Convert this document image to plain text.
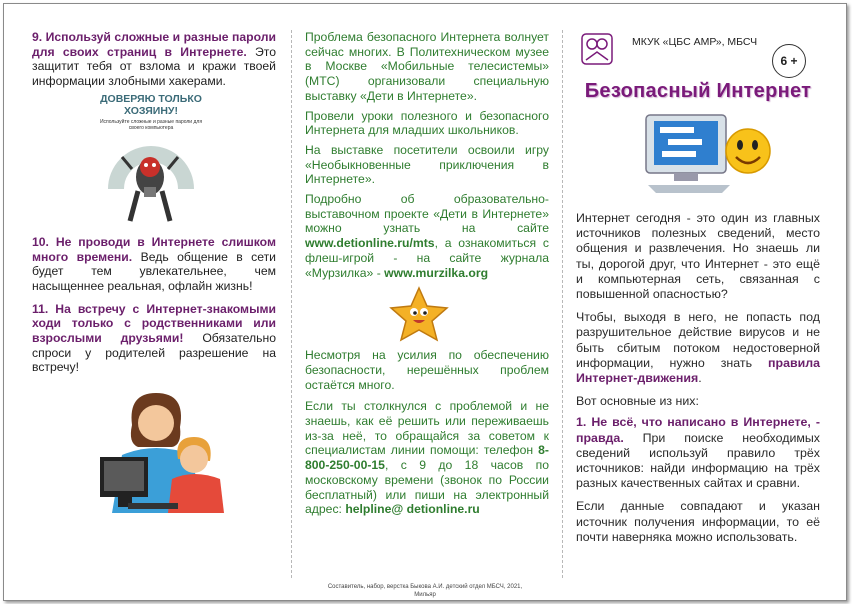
9. Используй сложные и разные пароли для своих страниц в Интернете. Это защитит тебя от взлома и кражи твоей информации злобными хакерами.

ДОВЕРЯЮ ТОЛЬКО ХОЗЯИНУ!
Используйте сложные и разные пароли для своего компьютера

10. Не проводи в Интернете слишком много времени. Ведь общение в сети будет тем увлекательнее, чем насыщеннее реальная, офлайн жизнь!

11. На встречу с Интернет-знакомыми ходи только с родственниками или взрослыми друзьями! Обязательно спроси у родителей разрешение на встречу!

Проблема безопасного Интернета волнует сейчас многих. В Политехническом музее в Москве «Мобильные телесистемы» (МТС) организовали специальную выставку «Дети в Интернете».

Провели уроки полезного и безопасного Интернета для младших школьников.

На выставке посетители освоили игру «Необыкновенные приключения в Интернете».

Подробно об образовательно-выставочном проекте «Дети в Интернете» можно узнать на сайте www.detionline.ru/mts, а ознакомиться с флеш-игрой - на сайте журнала «Мурзилка» - www.murzilka.org

Несмотря на усилия по обеспечению безопасности, нерешённых проблем остаётся много.

Если ты столкнулся с проблемой и не знаешь, как её решить или переживаешь из-за неё, то обращайся за советом к специалистам линии помощи: телефон 8-800-250-00-15, с 9 до 18 часов по московскому времени (звонок по России бесплатный) или пиши на электронный адрес: helpline@ detionline.ru

Составитель, набор, верстка Быкова А.И. детский отдел МБСЧ, 2021, Мильяр
МКУК «ЦБС АМР», МБСЧ
6 +
Безопасный Интернет

Интернет сегодня - это один из главных источников полезных сведений, место общения и развлечения. Но знаешь ли ты, дорогой друг, что Интернет - это ещё и компьютерная сеть, связанная с повышенной опасностью?

Чтобы, выходя в него, не попасть под разрушительное действие вирусов и не быть сбитым потоком недостоверной информации, нужно знать правила Интернет-движения.

Вот основные из них:

1. Не всё, что написано в Интернете, - правда. При поиске необходимых сведений используй правило трёх источников: найди информацию на трёх разных качественных сайтах и сравни.

Если данные совпадают и указан источник получения информации, то её почти наверняка можно использовать.
